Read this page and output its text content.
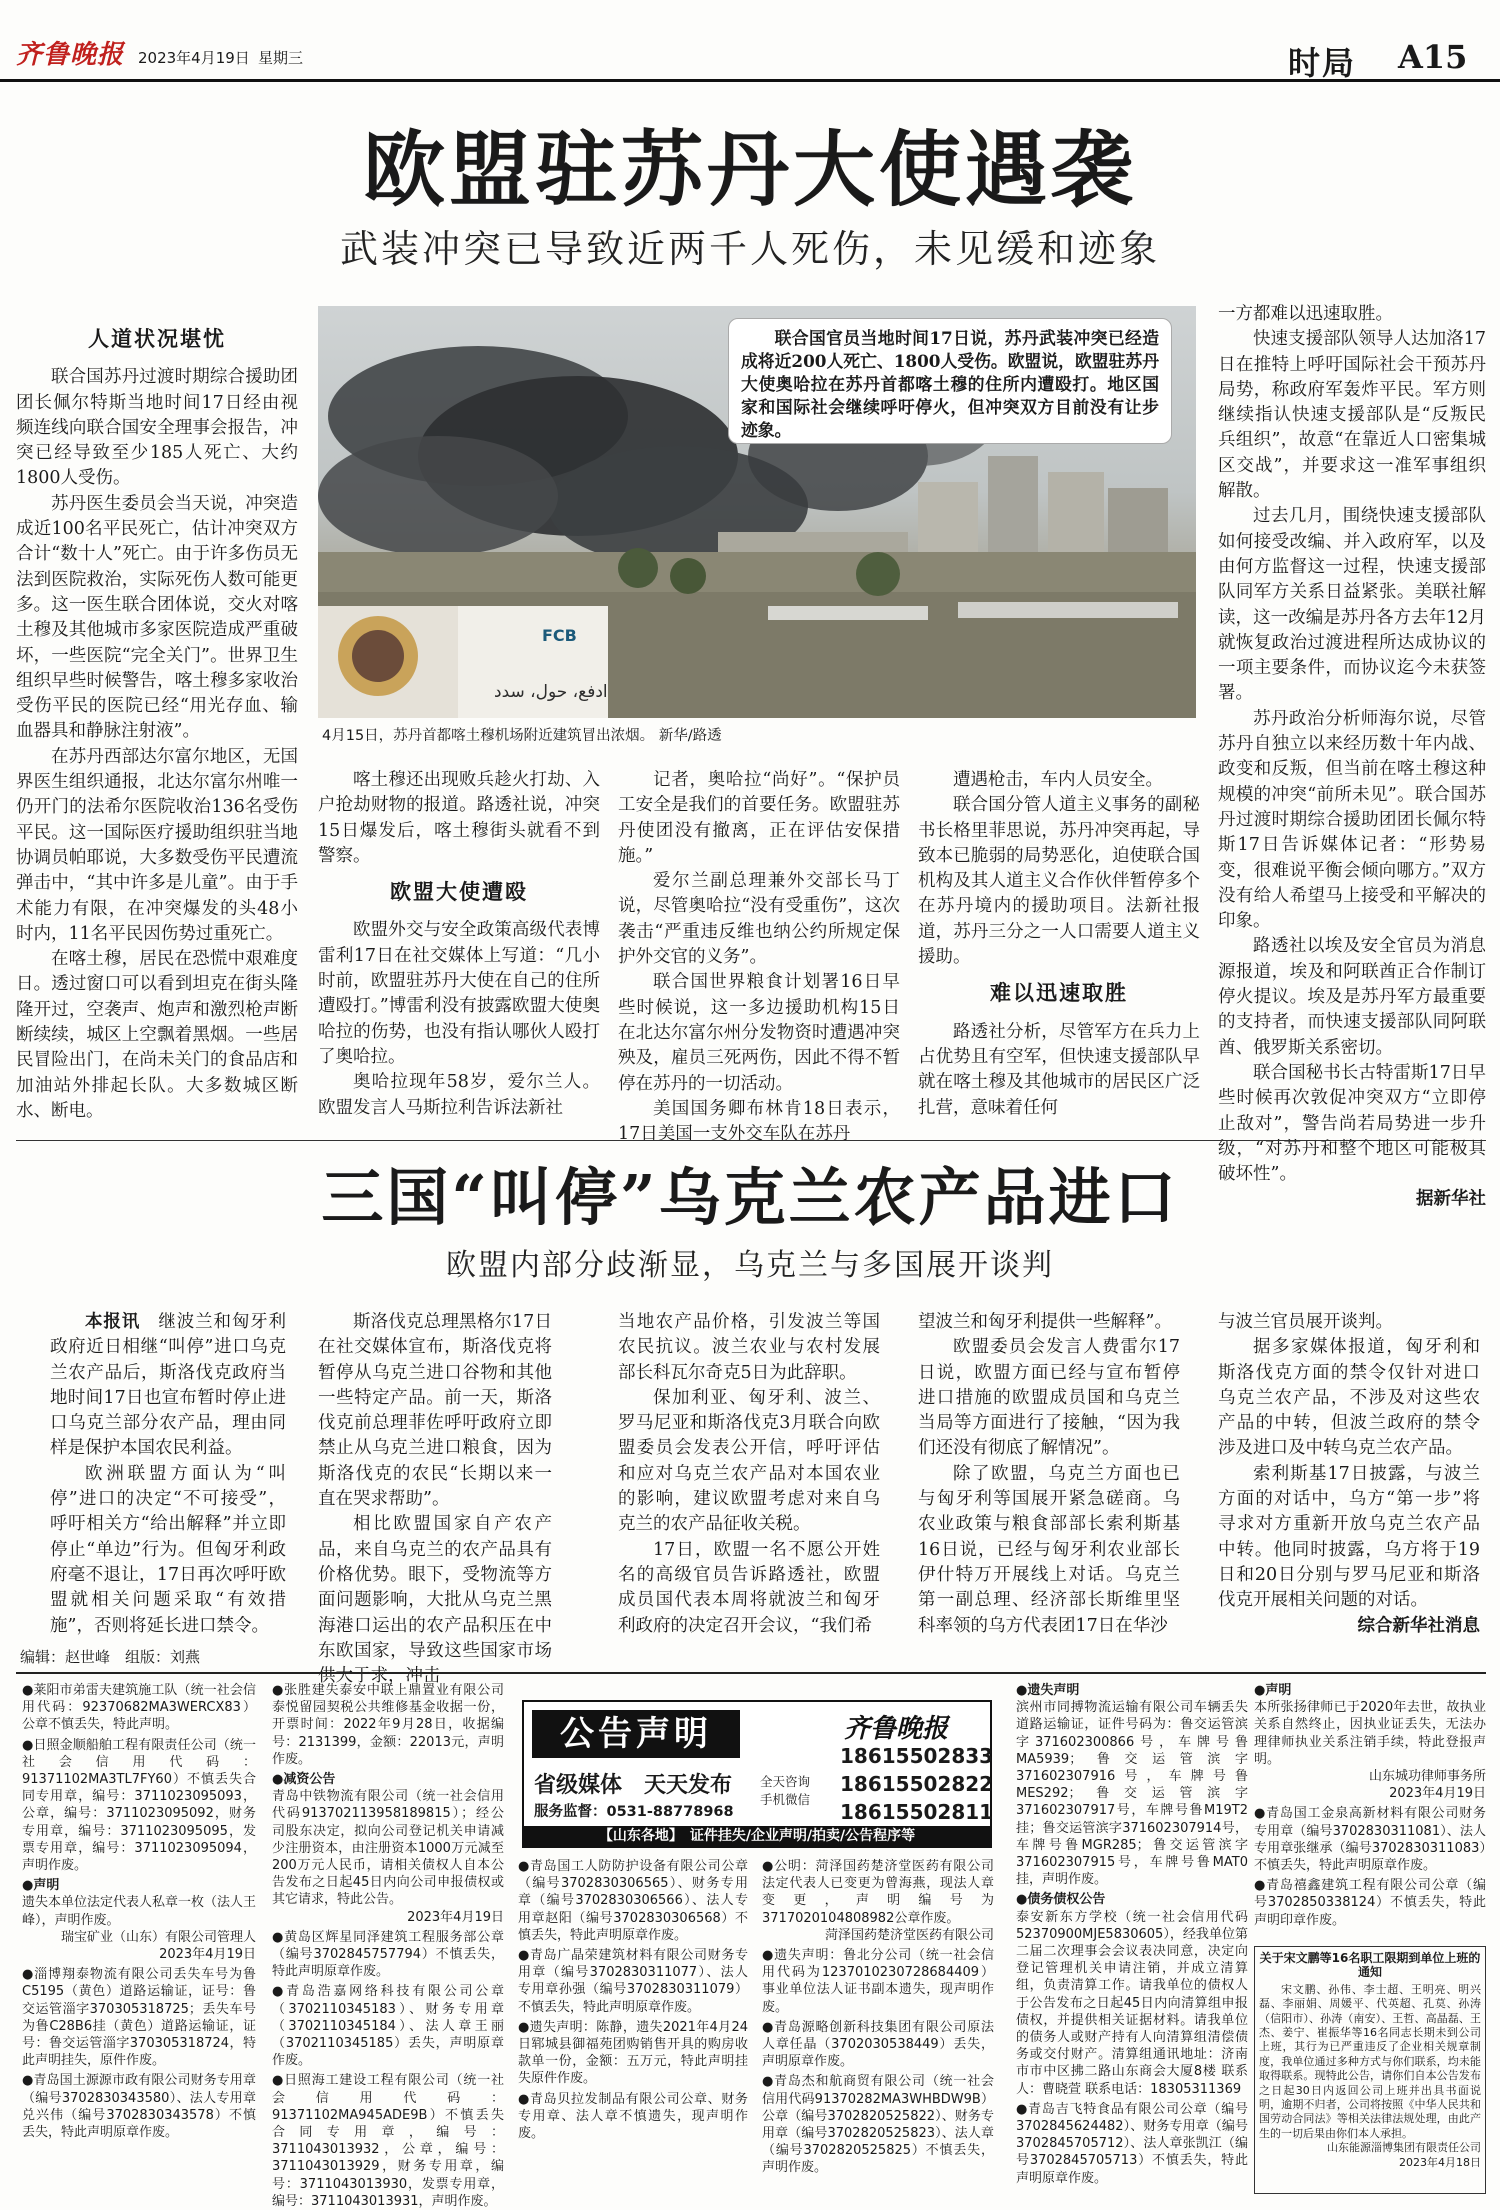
齐鲁晚报 2023年4月19日 星期三	时局 A15
欧盟驻苏丹大使遇袭
武装冲突已导致近两千人死伤，未见缓和迹象
FCB
ادفع، حول، سدد
联合国官员当地时间17日说，苏丹武装冲突已经造成将近200人死亡、1800人受伤。欧盟说，欧盟驻苏丹大使奥哈拉在苏丹首都喀土穆的住所内遭殴打。地区国家和国际社会继续呼吁停火，但冲突双方目前没有让步迹象。
4月15日，苏丹首都喀土穆机场附近建筑冒出浓烟。 新华/路透
人道状况堪忧

联合国苏丹过渡时期综合援助团团长佩尔特斯当地时间17日经由视频连线向联合国安全理事会报告，冲突已经导致至少185人死亡、大约1800人受伤。

苏丹医生委员会当天说，冲突造成近100名平民死亡，估计冲突双方合计“数十人”死亡。由于许多伤员无法到医院救治，实际死伤人数可能更多。这一医生联合团体说，交火对喀土穆及其他城市多家医院造成严重破坏，一些医院“完全关门”。世界卫生组织早些时候警告，喀土穆多家收治受伤平民的医院已经“用光存血、输血器具和静脉注射液”。

在苏丹西部达尔富尔地区，无国界医生组织通报，北达尔富尔州唯一仍开门的法希尔医院收治136名受伤平民。这一国际医疗援助组织驻当地协调员帕耶说，大多数受伤平民遭流弹击中，“其中许多是儿童”。由于手术能力有限，在冲突爆发的头48小时内，11名平民因伤势过重死亡。

在喀土穆，居民在恐慌中艰难度日。透过窗口可以看到坦克在街头隆隆开过，空袭声、炮声和激烈枪声断断续续，城区上空飘着黑烟。一些居民冒险出门，在尚未关门的食品店和加油站外排起长队。大多数城区断水、断电。

喀土穆还出现败兵趁火打劫、入户抢劫财物的报道。路透社说，冲突15日爆发后，喀土穆街头就看不到警察。

欧盟大使遭殴

欧盟外交与安全政策高级代表博雷利17日在社交媒体上写道：“几小时前，欧盟驻苏丹大使在自己的住所遭殴打。”博雷利没有披露欧盟大使奥哈拉的伤势，也没有指认哪伙人殴打了奥哈拉。

奥哈拉现年58岁，爱尔兰人。欧盟发言人马斯拉利告诉法新社

记者，奥哈拉“尚好”。“保护员工安全是我们的首要任务。欧盟驻苏丹使团没有撤离，正在评估安保措施。”

爱尔兰副总理兼外交部长马丁说，尽管奥哈拉“没有受重伤”，这次袭击“严重违反维也纳公约所规定保护外交官的义务”。

联合国世界粮食计划署16日早些时候说，这一多边援助机构15日在北达尔富尔州分发物资时遭遇冲突殃及，雇员三死两伤，因此不得不暂停在苏丹的一切活动。

美国国务卿布林肯18日表示，17日美国一支外交车队在苏丹

遭遇枪击，车内人员安全。

联合国分管人道主义事务的副秘书长格里菲思说，苏丹冲突再起，导致本已脆弱的局势恶化，迫使联合国机构及其人道主义合作伙伴暂停多个在苏丹境内的援助项目。法新社报道，苏丹三分之一人口需要人道主义援助。

难以迅速取胜

路透社分析，尽管军方在兵力上占优势且有空军，但快速支援部队早就在喀土穆及其他城市的居民区广泛扎营，意味着任何

一方都难以迅速取胜。

快速支援部队领导人达加洛17日在推特上呼吁国际社会干预苏丹局势，称政府军轰炸平民。军方则继续指认快速支援部队是“反叛民兵组织”，故意“在靠近人口密集城区交战”，并要求这一准军事组织解散。

过去几月，围绕快速支援部队如何接受改编、并入政府军，以及由何方监督这一过程，快速支援部队同军方关系日益紧张。美联社解读，这一改编是苏丹各方去年12月就恢复政治过渡进程所达成协议的一项主要条件，而协议迄今未获签署。

苏丹政治分析师海尔说，尽管苏丹自独立以来经历数十年内战、政变和反叛，但当前在喀土穆这种规模的冲突“前所未见”。联合国苏丹过渡时期综合援助团团长佩尔特斯17日告诉媒体记者：“形势易变，很难说平衡会倾向哪方。”双方没有给人希望马上接受和平解决的印象。

路透社以埃及安全官员为消息源报道，埃及和阿联酋正合作制订停火提议。埃及是苏丹军方最重要的支持者，而快速支援部队同阿联酋、俄罗斯关系密切。

联合国秘书长古特雷斯17日早些时候再次敦促冲突双方“立即停止敌对”，警告尚若局势进一步升级，“对苏丹和整个地区可能极具破坏性”。

据新华社
三国“叫停”乌克兰农产品进口
欧盟内部分歧渐显，乌克兰与多国展开谈判

本报讯　 继波兰和匈牙利政府近日相继“叫停”进口乌克兰农产品后，斯洛伐克政府当地时间17日也宣布暂时停止进口乌克兰部分农产品，理由同样是保护本国农民利益。

欧洲联盟方面认为“叫停”进口的决定“不可接受”，呼吁相关方“给出解释”并立即停止“单边”行为。但匈牙利政府毫不退让，17日再次呼吁欧盟就相关问题采取“有效措施”，否则将延长进口禁令。

斯洛伐克总理黑格尔17日在社交媒体宣布，斯洛伐克将暂停从乌克兰进口谷物和其他一些特定产品。前一天，斯洛伐克前总理菲佐呼吁政府立即禁止从乌克兰进口粮食，因为斯洛伐克的农民“长期以来一直在哭求帮助”。

相比欧盟国家自产农产品，来自乌克兰的农产品具有价格优势。眼下，受物流等方面问题影响，大批从乌克兰黑海港口运出的农产品积压在中东欧国家，导致这些国家市场供大于求，冲击

当地农产品价格，引发波兰等国农民抗议。波兰农业与农村发展部长科瓦尔奇克5日为此辞职。

保加利亚、匈牙利、波兰、罗马尼亚和斯洛伐克3月联合向欧盟委员会发表公开信，呼吁评估和应对乌克兰农产品对本国农业的影响，建议欧盟考虑对来自乌克兰的农产品征收关税。

17日，欧盟一名不愿公开姓名的高级官员告诉路透社，欧盟成员国代表本周将就波兰和匈牙利政府的决定召开会议，“我们希

望波兰和匈牙利提供一些解释”。

欧盟委员会发言人费雷尔17日说，欧盟方面已经与宣布暂停进口措施的欧盟成员国和乌克兰当局等方面进行了接触，“因为我们还没有彻底了解情况”。

除了欧盟，乌克兰方面也已与匈牙利等国展开紧急磋商。乌农业政策与粮食部部长索利斯基16日说，已经与匈牙利农业部长伊什特万开展线上对话。乌克兰第一副总理、经济部长斯维里坚科率领的乌方代表团17日在华沙

与波兰官员展开谈判。

据多家媒体报道，匈牙利和斯洛伐克方面的禁令仅针对进口乌克兰农产品，不涉及对这些农产品的中转，但波兰政府的禁令涉及进口及中转乌克兰农产品。

索利斯基17日披露，与波兰方面的对话中，乌方“第一步”将寻求对方重新开放乌克兰农产品中转。他同时披露，乌方将于19日和20日分别与罗马尼亚和斯洛伐克开展相关问题的对话。

综合新华社消息
编辑：赵世峰　组版：刘燕
●莱阳市弟雷夫建筑施工队（统一社会信用代码：92370682MA3WERCX83）公章不慎丢失，特此声明。
●日照金顺船舶工程有限责任公司（统一社会信用代码：91371102MA3TL7FY60）不慎丢失合同专用章，编号：3711023095093，公章，编号：3711023095092，财务专用章，编号：3711023095095，发票专用章，编号：3711023095094，声明作废。
●声明
遗失本单位法定代表人私章一枚（法人王峰），声明作废。
瑞宝矿业（山东）有限公司管理人
2023年4月19日
●淄博翔泰物流有限公司丢失车号为鲁C5195（黄色）道路运输证，证号：鲁交运管淄字370305318725；丢失车号为鲁C28B6挂（黄色）道路运输证，证号：鲁交运管淄字370305318724，特此声明挂失，原件作废。
●青岛国土源源市政有限公司财务专用章（编号3702830343580）、法人专用章兑兴伟（编号3702830343578）不慎丢失，特此声明原章作废。
●张胜建失泰安中联上鼎置业有限公司泰悦留园契税公共维修基金收据一份，开票时间：2022年9月28日，收据编号：2131399，金额：22013元，声明作废。
●减资公告
青岛中铁物流有限公司（统一社会信用代码913702113958189815）；经公司股东决定，拟向公司登记机关申请减少注册资本，由注册资本1000万元减至200万元人民币，请相关债权人自本公告发布之日起45日内向公司申报债权或其它请求，特此公告。
2023年4月19日
●黄岛区辉星同泽建筑工程服务部公章（编号3702845757794）不慎丢失，特此声明原章作废。
●青岛浩嘉网络科技有限公司公章（3702110345183）、财务专用章（3702110345184）、法人章王丽（3702110345185）丢失，声明原章作废。
●日照海工建设工程有限公司（统一社会信用代码：91371102MA945ADE9B）不慎丢失合同专用章，编号：3711043013932，公章，编号：3711043013929，财务专用章，编号：3711043013930，发票专用章，编号：3711043013931，声明作废。
公告声明
省级媒体　天天发布
服务监督：0531-88778968
齐鲁晚报
全天咨询
手机微信
18615502833
18615502822
18615502811
【山东各地】　证件挂失/企业声明/拍卖/公告程序等
●青岛国工人防防护设备有限公司公章（编号3702830306565）、财务专用章（编号3702830306566）、法人专用章赵阳（编号3702830306568）不慎丢失，特此声明原章作废。
●青岛广晶荣建筑材料有限公司财务专用章（编号3702830311077）、法人专用章孙强（编号3702830311079）不慎丢失，特此声明原章作废。
●遗失声明：陈静，遗失2021年4月24日郓城县御福苑团购销售开具的购房收款单一份，金额：五万元，特此声明挂失原件作废。
●青岛贝拉发制品有限公司公章、财务专用章、法人章不慎遗失，现声明作废。
●公明：菏泽国药楚济堂医药有限公司法定代表人已变更为曾海燕，现法人章变更，声明编号为3717020104808982公章作废。
菏泽国药楚济堂医药有限公司
●遗失声明：鲁北分公司（统一社会信用代码为1237010230728684409）事业单位法人证书副本遗失，现声明作废。
●青岛源略创新科技集团有限公司原法人章任晶（3702030538449）丢失，声明原章作废。
●青岛杰和航商贸有限公司（统一社会信用代码91370282MA3WHBDW9B）公章（编号3702820525822）、财务专用章（编号3702820525823）、法人章（编号3702820525825）不慎丢失，声明作废。
●遗失声明
滨州市同搏物流运输有限公司车辆丢失道路运输证，证件号码为：鲁交运管滨字371602300866号，车牌号鲁MA5939；鲁交运管滨字371602307916号，车牌号鲁MES292；鲁交运管滨字371602307917号，车牌号鲁M19T2挂；鲁交运管滨字371602307914号，车牌号鲁MGR285；鲁交运管滨字371602307915号，车牌号鲁MAT0挂，声明作废。
●债务债权公告
泰安新东方学校（统一社会信用代码52370900MJE5830605），经我单位第二届二次理事会会议表决同意，决定向登记管理机关申请注销，并成立清算组，负责清算工作。请我单位的债权人于公告发布之日起45日内向清算组申报债权，并提供相关证据材料。请我单位的债务人或财产持有人向清算组清偿债务或交付财产。清算组通讯地址：济南市市中区拂二路山东商会大厦8楼 联系人：曹晓萱 联系电话：18305311369
●青岛吉飞特食品有限公司公章（编号3702845624482）、财务专用章（编号3702845705712）、法人章张凯江（编号3702845705713）不慎丢失，特此声明原章作废。
●声明
本所张扬律师已于2020年去世，故执业关系自然终止，因执业证丢失，无法办理律师执业关系注销手续，特此登报声明。
山东城功律师事务所
2023年4月19日
●青岛国工金泉高新材料有限公司财务专用章（编号3702830311081）、法人专用章张继承（编号3702830311083）不慎丢失，特此声明原章作废。
●青岛禧鑫建筑工程有限公司公章（编号3702850338124）不慎丢失，特此声明印章作废。
关于宋文鹏等16名职工限期到单位上班的通知
宋文鹏、孙伟、李士超、王明亮、明兴磊、李丽娟、周媛平、代英超、孔莫、孙涛（信阳市）、孙涛（南安）、王哲、高晶磊、王杰、姜宁、崔振华等16名同志长期未到公司上班，其行为已严重违反了企业相关规章制度，我单位通过多种方式与你们联系，均未能取得联系。现特此公告，请你们自本公告发布之日起30日内返回公司上班并出具书面说明，逾期不归者，公司将按照《中华人民共和国劳动合同法》等相关法律法规处理，由此产生的一切后果由你们本人承担。
山东能源淄博集团有限责任公司
2023年4月18日
